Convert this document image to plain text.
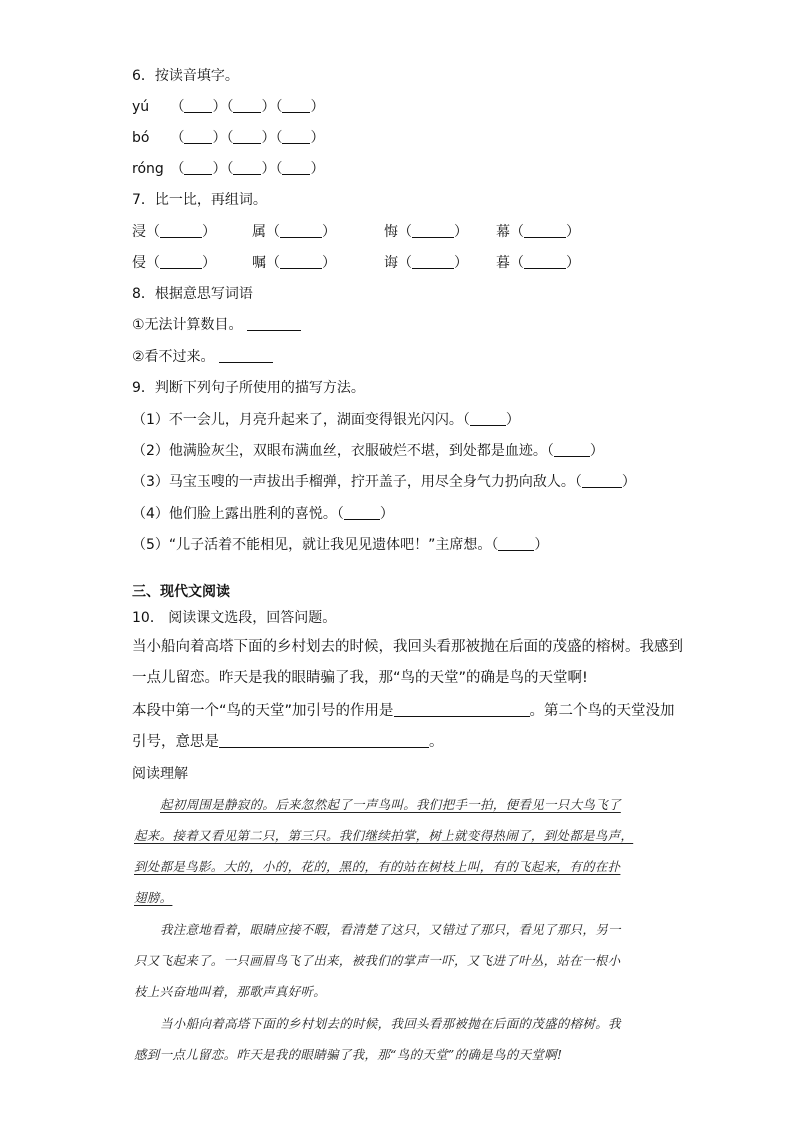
6．按读音填字。
yú （ ）（ ）（ ）
bó （ ）（ ）（ ）
róng （ ）（ ）（ ）
7．比一比，再组词。
浸（	）	属（	）	悔（	） 幕（	）
侵（	）	嘱（	）	诲（	） 暮（	）
8．根据意思写词语
①无法计算数目。
②看不过来。
9．判断下列句子所使用的描写方法。
（1）不一会儿，月亮升起来了，湖面变得银光闪闪。（	）
（2）他满脸灰尘，双眼布满血丝，衣服破烂不堪，到处都是血迹。（	）
（3）马宝玉嗖的一声拔出手榴弹，拧开盖子，用尽全身气力扔向敌人。（	）
（4）他们脸上露出胜利的喜悦。（	）
（5）“儿子活着不能相见，就让我见见遗体吧！”主席想。（	）
三、现代文阅读
10． 阅读课文选段，回答问题。
当小船向着高塔下面的乡村划去的时候，我回头看那被抛在后面的茂盛的榕树。我感到
一点儿留恋。昨天是我的眼睛骗了我，那“鸟的天堂”的确是鸟的天堂啊!
本段中第一个“鸟的天堂”加引号的作用是	。第二个鸟的天堂没加
引号，意思是	。
阅读理解
起初周围是静寂的。后来忽然起了一声鸟叫。我们把手一拍，便看见一只大鸟飞了
起来。接着又看见第二只，第三只。我们继续拍掌，树上就变得热闹了，到处都是鸟声，
到处都是鸟影。大的，小的，花的，黑的，有的站在树枝上叫，有的飞起来，有的在扑
翅膀。
我注意地看着，眼睛应接不暇，看清楚了这只，又错过了那只，看见了那只，另一
只又飞起来了。一只画眉鸟飞了出来，被我们的掌声一吓，又飞进了叶丛，站在一根小
枝上兴奋地叫着，那歌声真好听。
当小船向着高塔下面的乡村划去的时候，我回头看那被抛在后面的茂盛的榕树。我
感到一点儿留恋。昨天是我的眼睛骗了我，那“鸟的天堂”的确是鸟的天堂啊!
